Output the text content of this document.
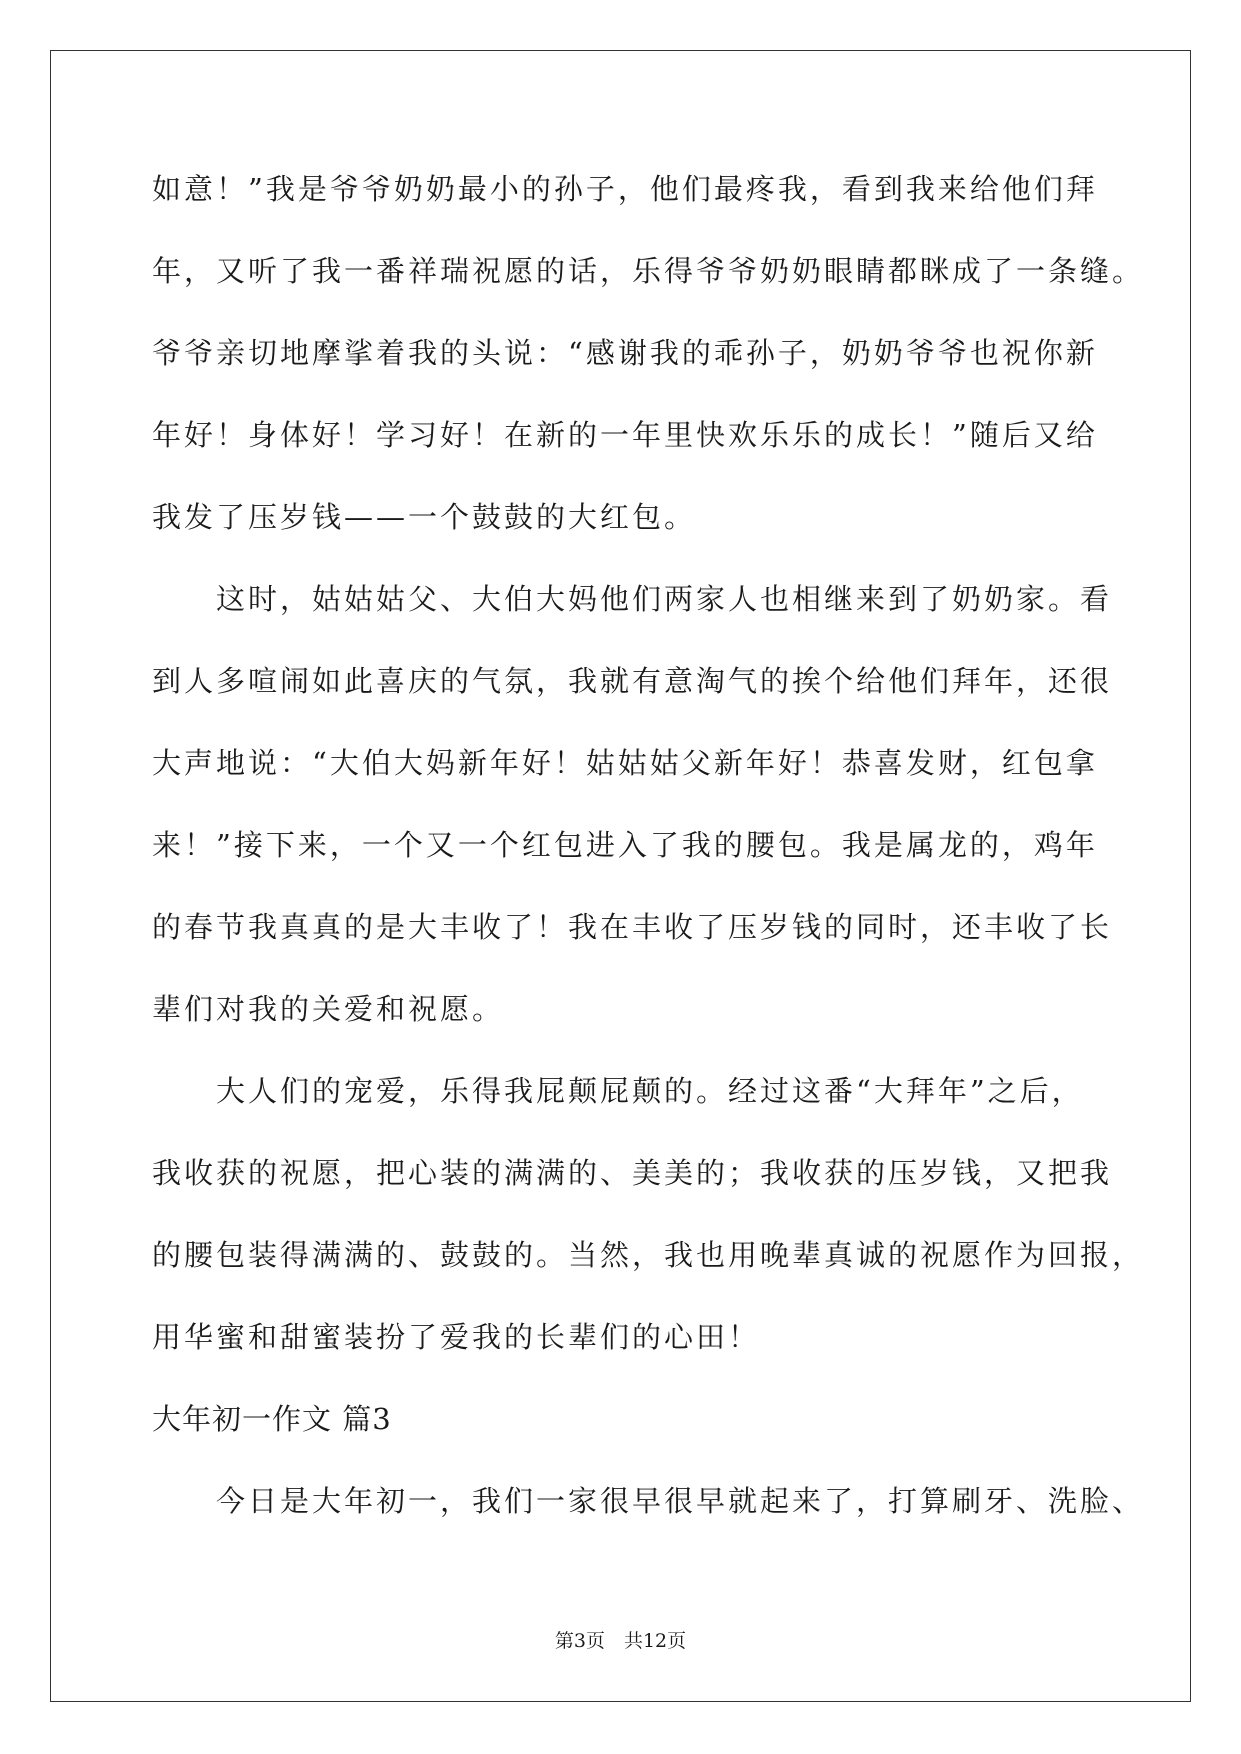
如意！”我是爷爷奶奶最小的孙子，他们最疼我，看到我来给他们拜
年，又听了我一番祥瑞祝愿的话，乐得爷爷奶奶眼睛都眯成了一条缝。
爷爷亲切地摩挲着我的头说：“感谢我的乖孙子，奶奶爷爷也祝你新
年好！身体好！学习好！在新的一年里快欢乐乐的成长！”随后又给
我发了压岁钱——一个鼓鼓的大红包。
这时，姑姑姑父、大伯大妈他们两家人也相继来到了奶奶家。看
到人多喧闹如此喜庆的气氛，我就有意淘气的挨个给他们拜年，还很
大声地说：“大伯大妈新年好！姑姑姑父新年好！恭喜发财，红包拿
来！”接下来，一个又一个红包进入了我的腰包。我是属龙的，鸡年
的春节我真真的是大丰收了！我在丰收了压岁钱的同时，还丰收了长
辈们对我的关爱和祝愿。
大人们的宠爱，乐得我屁颠屁颠的。经过这番“大拜年”之后，
我收获的祝愿，把心装的满满的、美美的；我收获的压岁钱，又把我
的腰包装得满满的、鼓鼓的。当然，我也用晚辈真诚的祝愿作为回报，
用华蜜和甜蜜装扮了爱我的长辈们的心田！
大年初一作文 篇3
今日是大年初一，我们一家很早很早就起来了，打算刷牙、洗脸、
第3页　共12页
